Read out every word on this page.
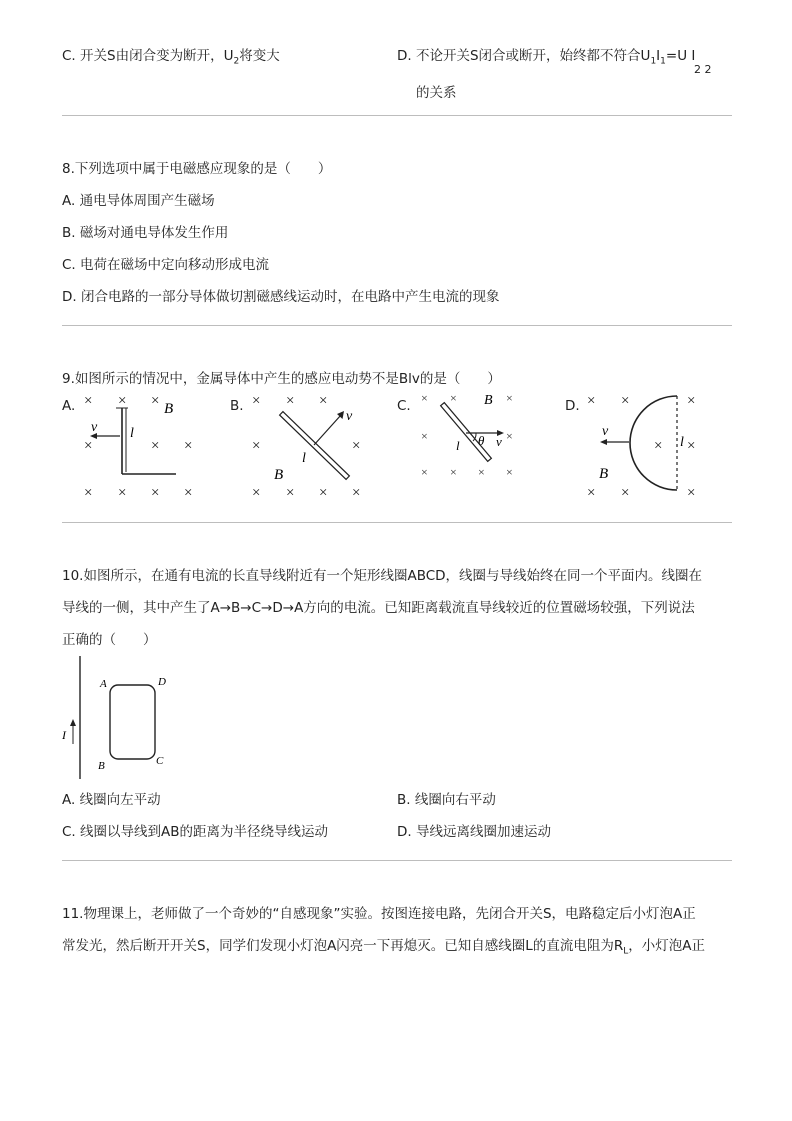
C. 开关S由闭合变为断开，$U_2$将变大	D. 不论开关S闭合或断开，始终都不符合$U_1I_1=U$ I
2 2
的关系
8.下列选项中属于电磁感应现象的是（　　）
A. 通电导体周围产生磁场
B. 磁场对通电导体发生作用
C. 电荷在磁场中定向移动形成电流
D. 闭合电路的一部分导体做切割磁感线运动时，在电路中产生电流的现象
9.如图所示的情况中，金属导体中产生的感应电动势不是Blv的是（　　）
A.	B.	C.	D.
× × ×
×	× ×
× × × ×
v l
B	× × ×
×	×
× × × ×
v
l
B
× ×	×
×	×
× × × ×
B
θ v
l
× ×	×
× ×
× ×	×
v
l
B
10.如图所示，在通有电流的长直导线附近有一个矩形线圈ABCD，线圈与导线始终在同一个平面内。线圈在
导线的一侧，其中产生了A→B→C→D→A方向的电流。已知距离载流直导线较近的位置磁场较强，下列说法
正确的（　　）
I
A	D
B	C
A. 线圈向左平动	B. 线圈向右平动
C. 线圈以导线到AB的距离为半径绕导线运动	D. 导线远离线圈加速运动
11.物理课上，老师做了一个奇妙的“自感现象”实验。按图连接电路，先闭合开关S，电路稳定后小灯泡A正
常发光，然后断开开关S，同学们发现小灯泡A闪亮一下再熄灭。已知自感线圈L的直流电阻为$R_L$，小灯泡A正
